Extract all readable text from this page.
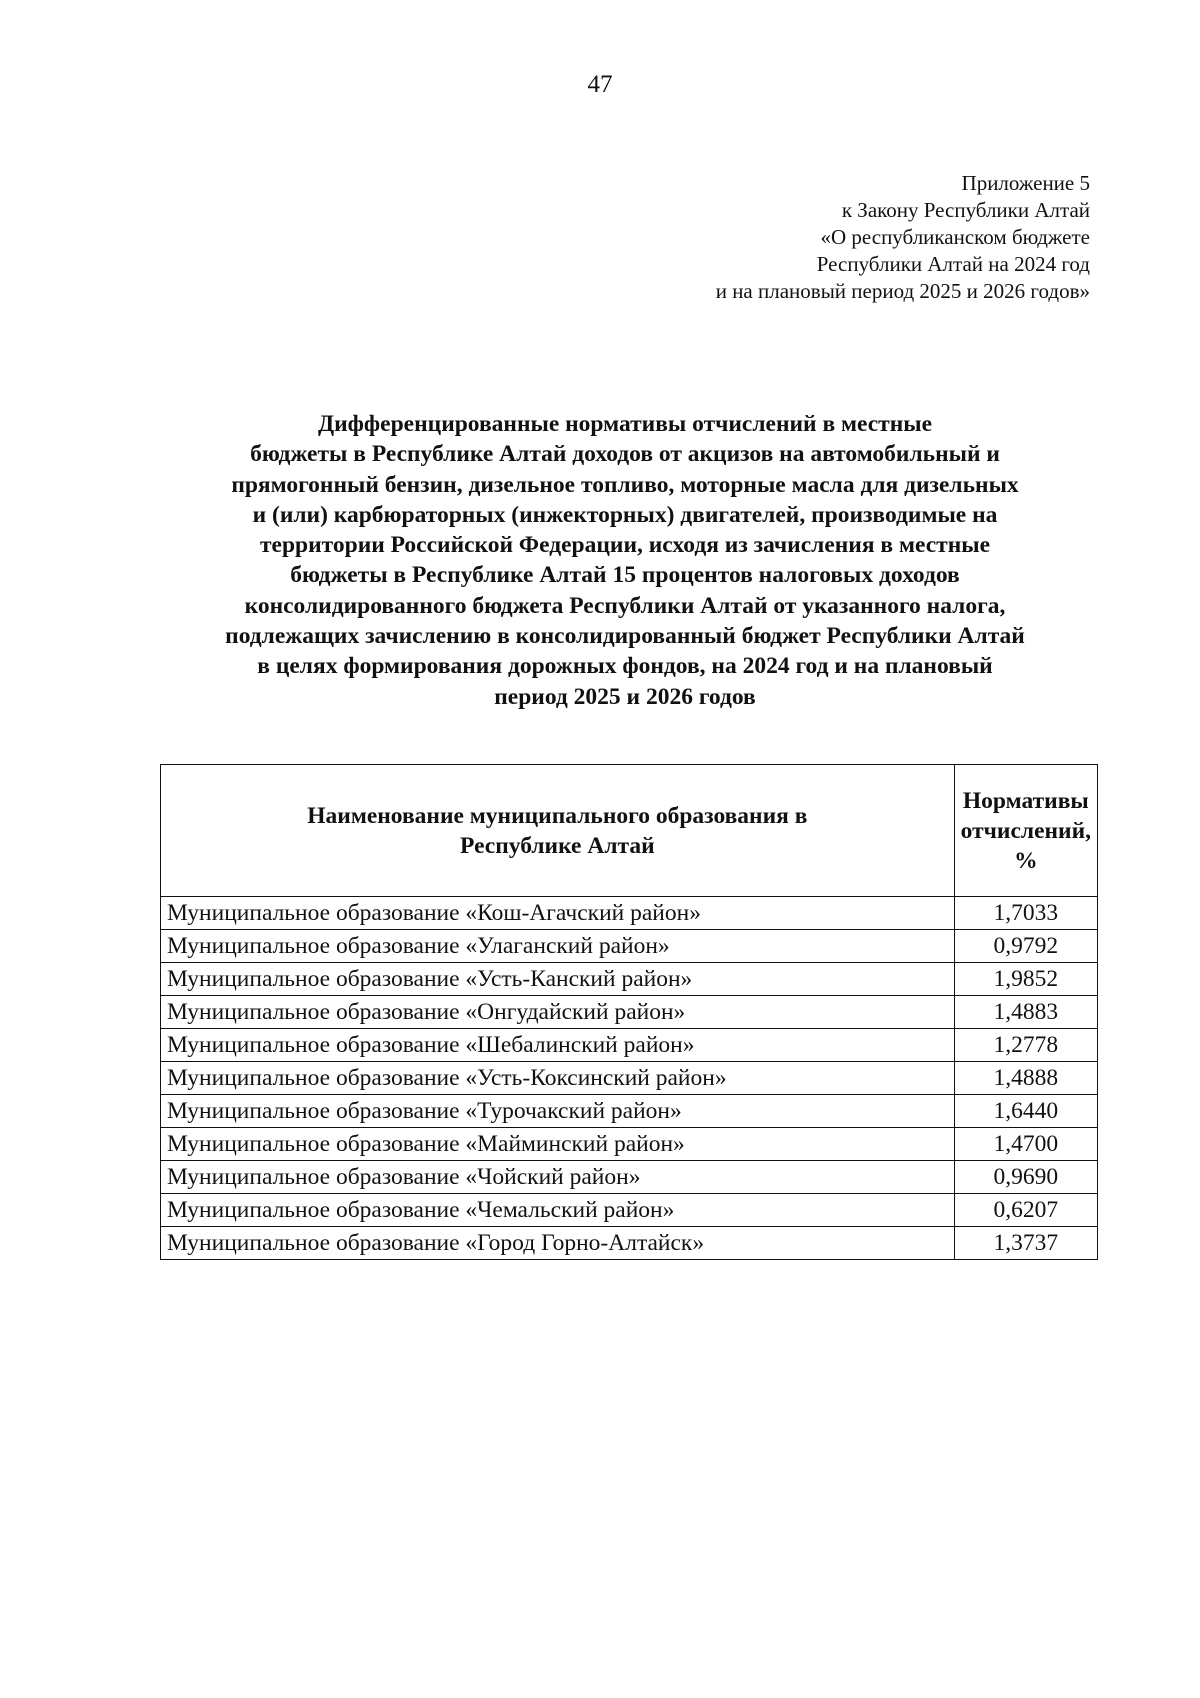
47
Приложение 5
к Закону Республики Алтай
«О республиканском бюджете
Республики Алтай на 2024 год
и на плановый период 2025 и 2026 годов»
Дифференцированные нормативы отчислений в местные
бюджеты в Республике Алтай доходов от акцизов на автомобильный и
прямогонный бензин, дизельное топливо, моторные масла для дизельных
и (или) карбюраторных (инжекторных) двигателей, производимые на
территории Российской Федерации, исходя из зачисления в местные
бюджеты в Республике Алтай 15 процентов налоговых доходов
консолидированного бюджета Республики Алтай от указанного налога,
подлежащих зачислению в консолидированный бюджет Республики Алтай
в целях формирования дорожных фондов, на 2024 год и на плановый
период 2025 и 2026 годов
Наименование муниципального образования в
Республике Алтай	Нормативы
отчислений, %

Муниципальное образование «Кош-Агачский район»	1,7033
Муниципальное образование «Улаганский район»	0,9792
Муниципальное образование «Усть-Канский район»	1,9852
Муниципальное образование «Онгудайский район»	1,4883
Муниципальное образование «Шебалинский район»	1,2778
Муниципальное образование «Усть-Коксинский район»	1,4888
Муниципальное образование «Турочакский район»	1,6440
Муниципальное образование «Майминский район»	1,4700
Муниципальное образование «Чойский район»	0,9690
Муниципальное образование «Чемальский район»	0,6207
Муниципальное образование «Город Горно-Алтайск»	1,3737
